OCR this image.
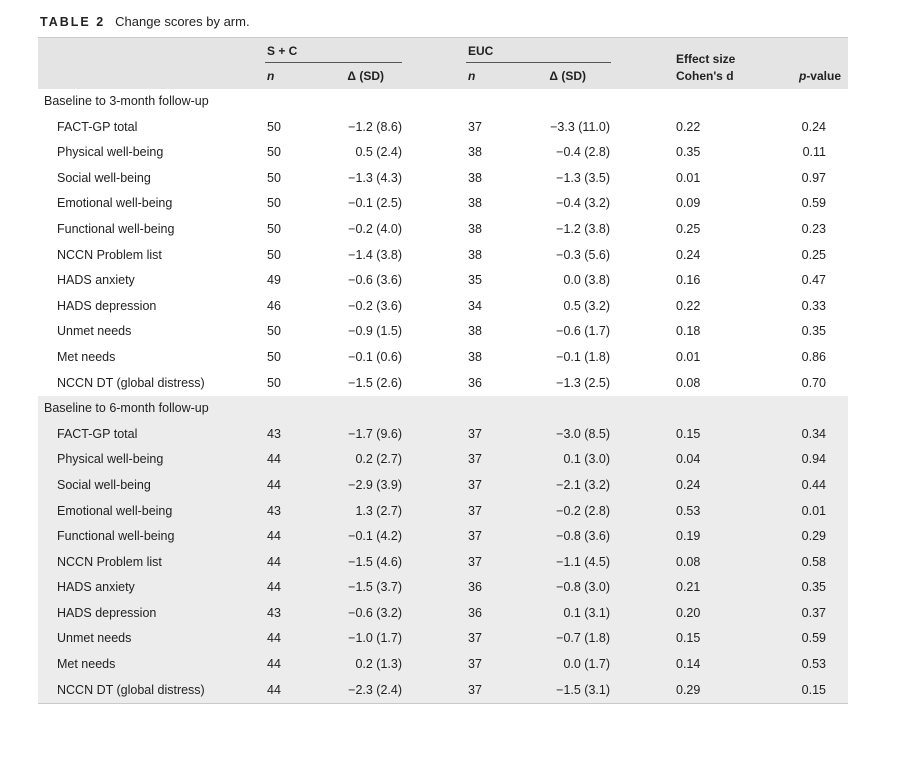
TABLE 2 Change scores by arm.
S + C	EUC
n	Δ (SD)	n	Δ (SD)
Effect size
Cohen's d	p-value
Baseline to 3-month follow-up
FACT-GP total	50	−1.2 (8.6)	37	−3.3 (11.0)	0.22	0.24
Physical well-being	50	0.5 (2.4)	38	−0.4 (2.8)	0.35	0.11
Social well-being	50	−1.3 (4.3)	38	−1.3 (3.5)	0.01	0.97
Emotional well-being	50	−0.1 (2.5)	38	−0.4 (3.2)	0.09	0.59
Functional well-being	50	−0.2 (4.0)	38	−1.2 (3.8)	0.25	0.23
NCCN Problem list	50	−1.4 (3.8)	38	−0.3 (5.6)	0.24	0.25
HADS anxiety	49	−0.6 (3.6)	35	0.0 (3.8)	0.16	0.47
HADS depression	46	−0.2 (3.6)	34	0.5 (3.2)	0.22	0.33
Unmet needs	50	−0.9 (1.5)	38	−0.6 (1.7)	0.18	0.35
Met needs	50	−0.1 (0.6)	38	−0.1 (1.8)	0.01	0.86
NCCN DT (global distress)	50	−1.5 (2.6)	36	−1.3 (2.5)	0.08	0.70
Baseline to 6-month follow-up
FACT-GP total	43	−1.7 (9.6)	37	−3.0 (8.5)	0.15	0.34
Physical well-being	44	0.2 (2.7)	37	0.1 (3.0)	0.04	0.94
Social well-being	44	−2.9 (3.9)	37	−2.1 (3.2)	0.24	0.44
Emotional well-being	43	1.3 (2.7)	37	−0.2 (2.8)	0.53	0.01
Functional well-being	44	−0.1 (4.2)	37	−0.8 (3.6)	0.19	0.29
NCCN Problem list	44	−1.5 (4.6)	37	−1.1 (4.5)	0.08	0.58
HADS anxiety	44	−1.5 (3.7)	36	−0.8 (3.0)	0.21	0.35
HADS depression	43	−0.6 (3.2)	36	0.1 (3.1)	0.20	0.37
Unmet needs	44	−1.0 (1.7)	37	−0.7 (1.8)	0.15	0.59
Met needs	44	0.2 (1.3)	37	0.0 (1.7)	0.14	0.53
NCCN DT (global distress)	44	−2.3 (2.4)	37	−1.5 (3.1)	0.29	0.15
